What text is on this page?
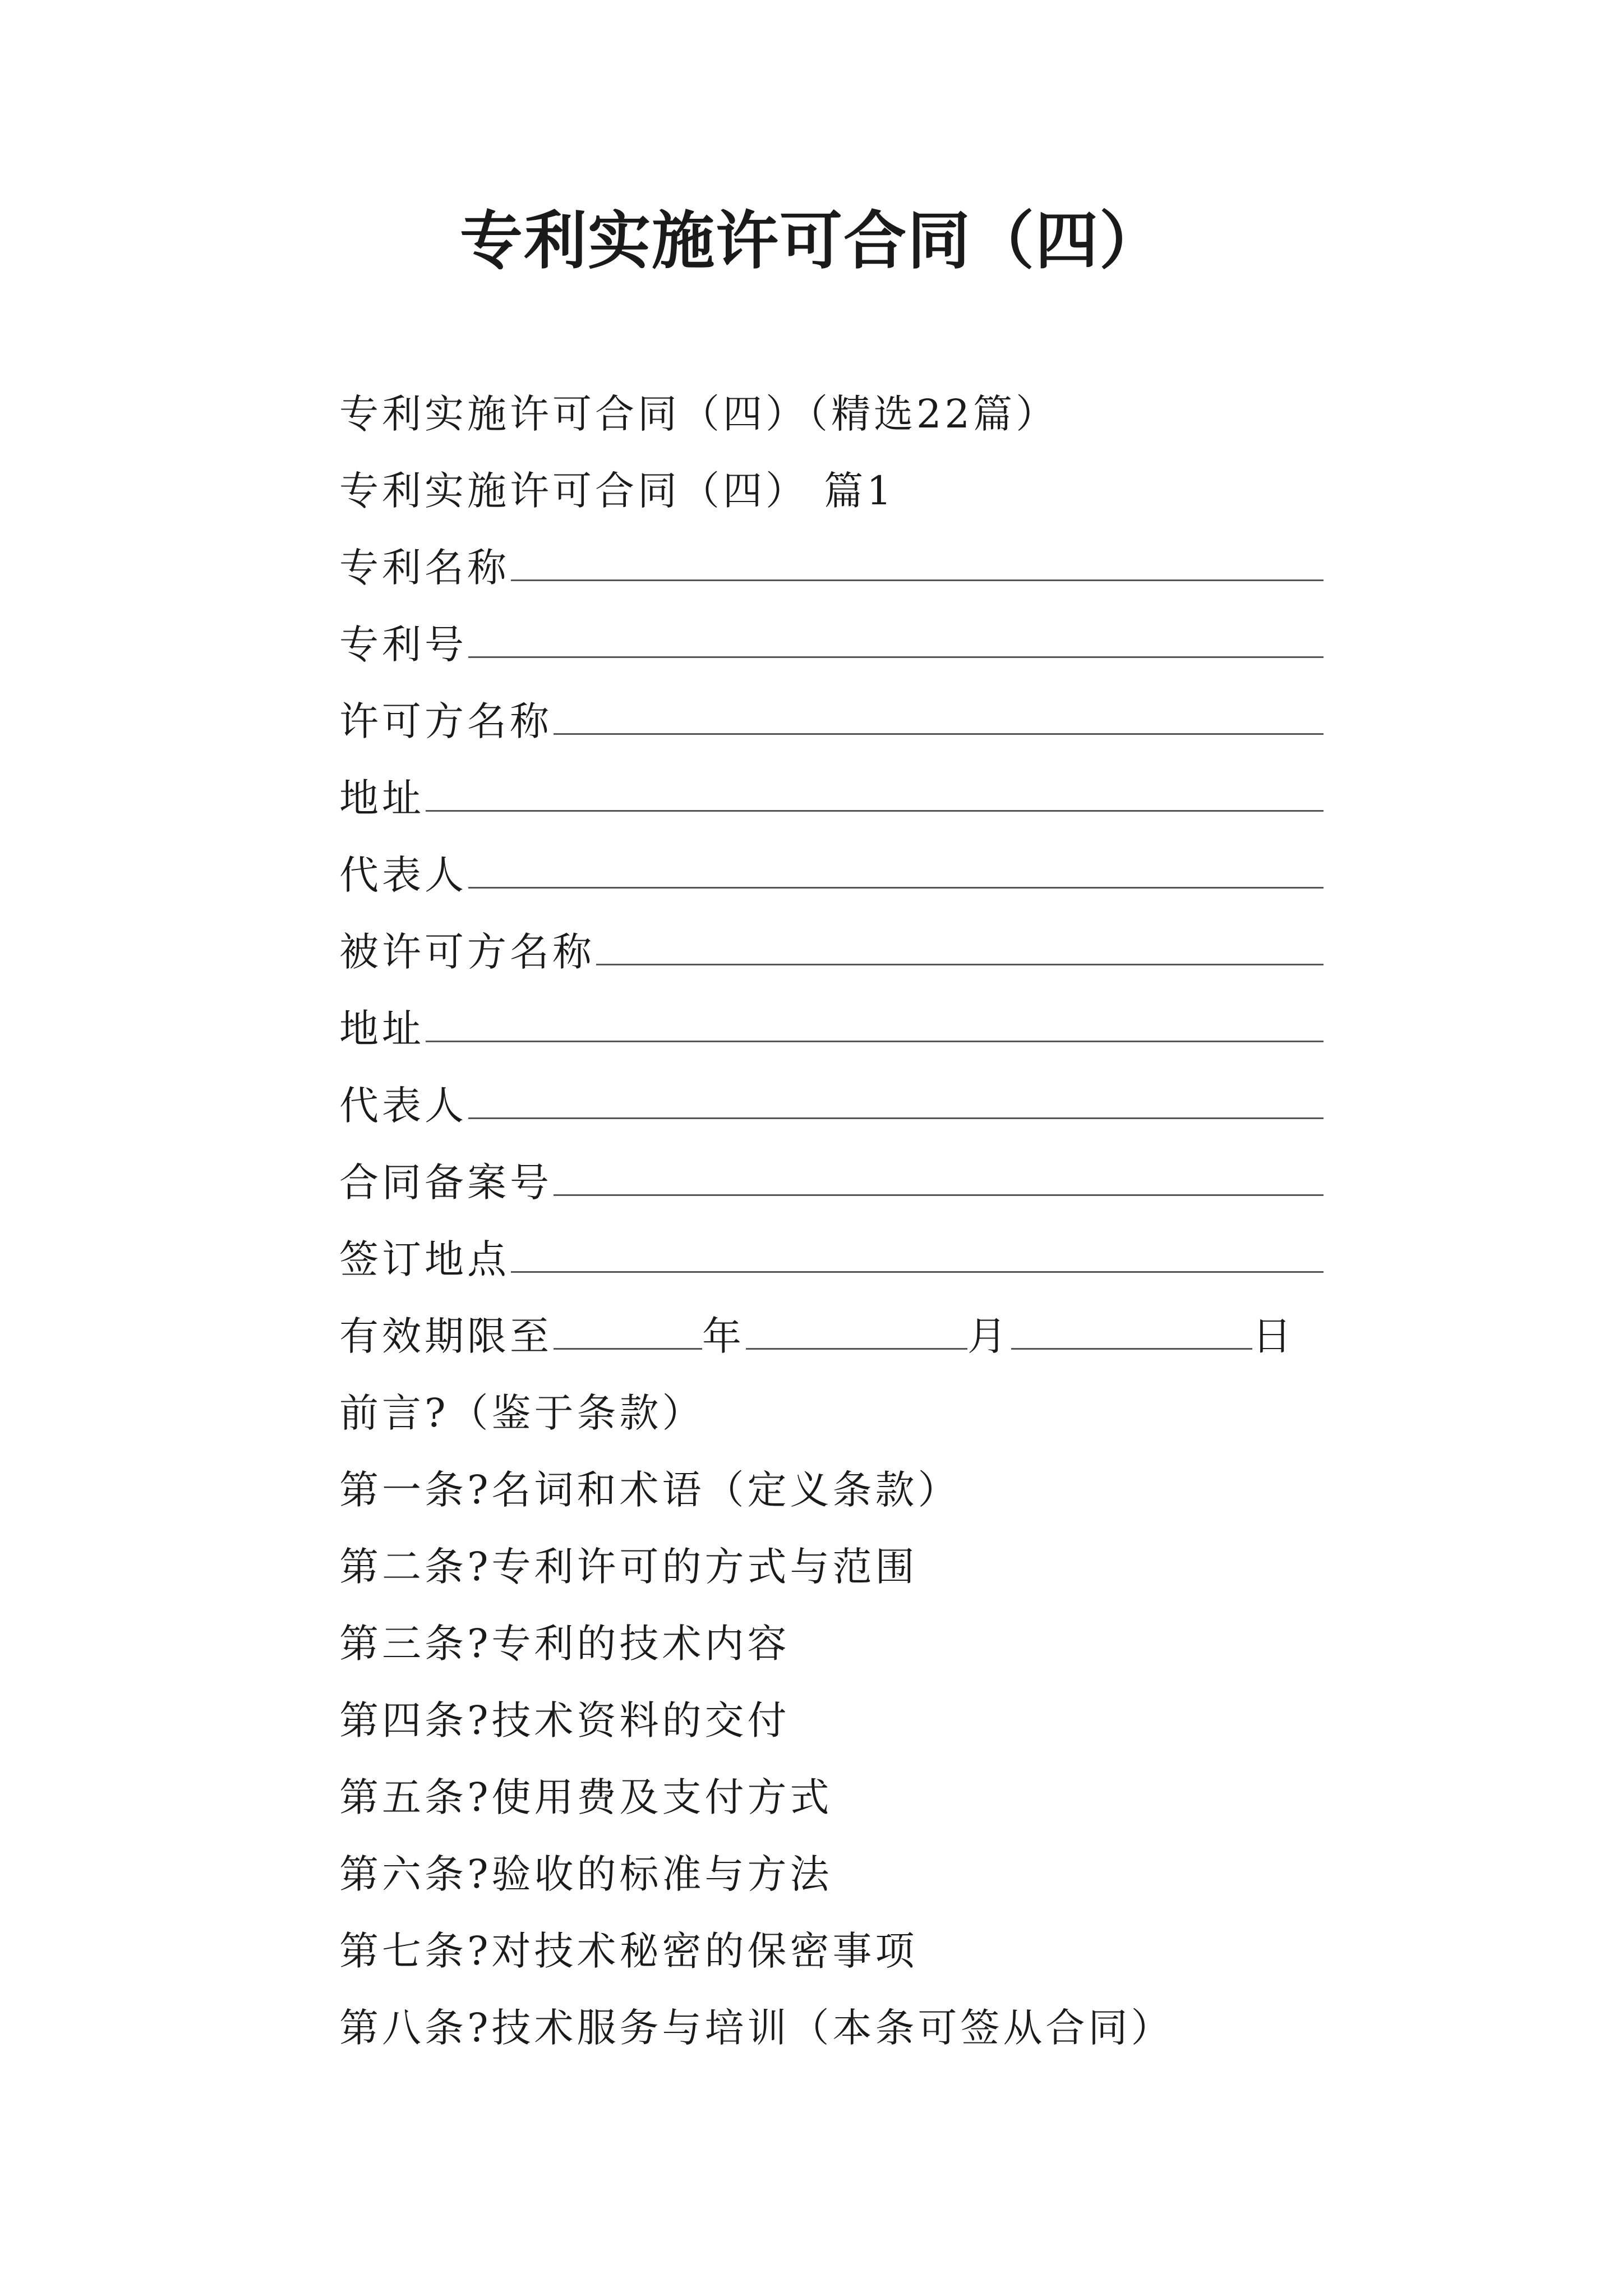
专利实施许可合同（四）
专利实施许可合同（四）（精选22篇）
专利实施许可合同（四） 篇1
专利名称
专利号
许可方名称
地址
代表人
被许可方名称
地址
代表人
合同备案号
签订地点
有效期限至	年	月	日
前言?（鉴于条款）
第一条?名词和术语（定义条款）
第二条?专利许可的方式与范围
第三条?专利的技术内容
第四条?技术资料的交付
第五条?使用费及支付方式
第六条?验收的标准与方法
第七条?对技术秘密的保密事项
第八条?技术服务与培训（本条可签从合同）
